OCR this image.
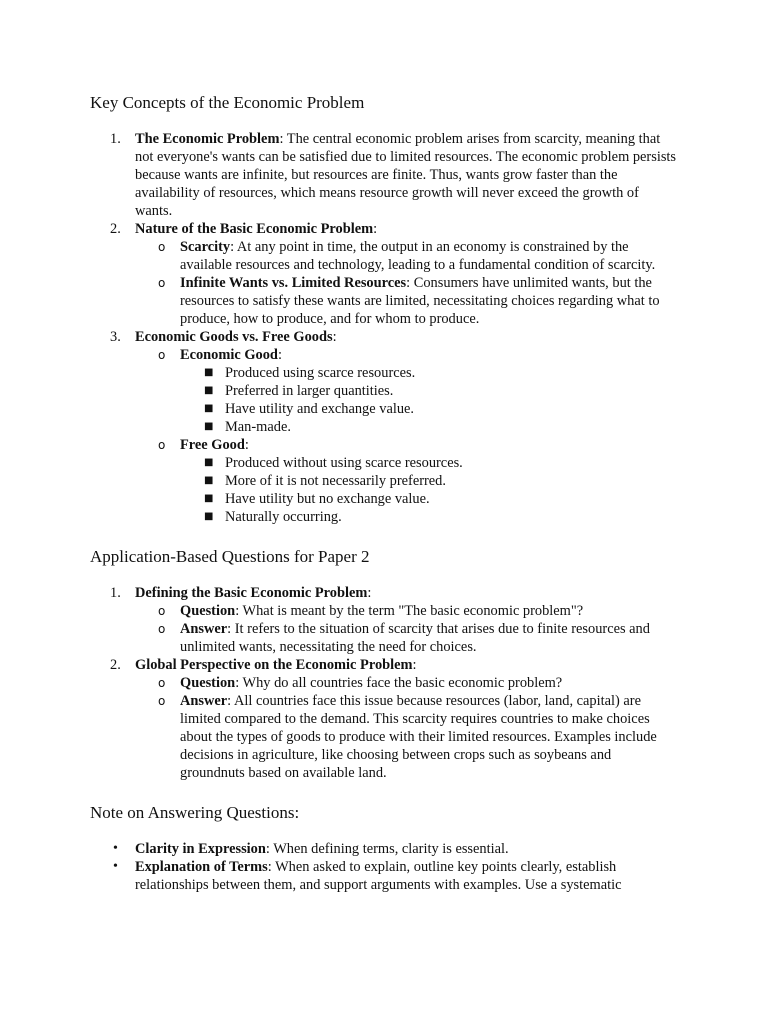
Key Concepts of the Economic Problem
1. The Economic Problem: The central economic problem arises from scarcity, meaning that not everyone's wants can be satisfied due to limited resources. The economic problem persists because wants are infinite, but resources are finite. Thus, wants grow faster than the availability of resources, which means resource growth will never exceed the growth of wants.
2. Nature of the Basic Economic Problem:
o Scarcity: At any point in time, the output in an economy is constrained by the available resources and technology, leading to a fundamental condition of scarcity.
o Infinite Wants vs. Limited Resources: Consumers have unlimited wants, but the resources to satisfy these wants are limited, necessitating choices regarding what to produce, how to produce, and for whom to produce.
3. Economic Goods vs. Free Goods:
o Economic Good:
■ Produced using scarce resources.
■ Preferred in larger quantities.
■ Have utility and exchange value.
■ Man-made.
o Free Good:
■ Produced without using scarce resources.
■ More of it is not necessarily preferred.
■ Have utility but no exchange value.
■ Naturally occurring.
Application-Based Questions for Paper 2
1. Defining the Basic Economic Problem:
o Question: What is meant by the term "The basic economic problem"?
o Answer: It refers to the situation of scarcity that arises due to finite resources and unlimited wants, necessitating the need for choices.
2. Global Perspective on the Economic Problem:
o Question: Why do all countries face the basic economic problem?
o Answer: All countries face this issue because resources (labor, land, capital) are limited compared to the demand. This scarcity requires countries to make choices about the types of goods to produce with their limited resources. Examples include decisions in agriculture, like choosing between crops such as soybeans and groundnuts based on available land.
Note on Answering Questions:
• Clarity in Expression: When defining terms, clarity is essential.
• Explanation of Terms: When asked to explain, outline key points clearly, establish relationships between them, and support arguments with examples. Use a systematic
